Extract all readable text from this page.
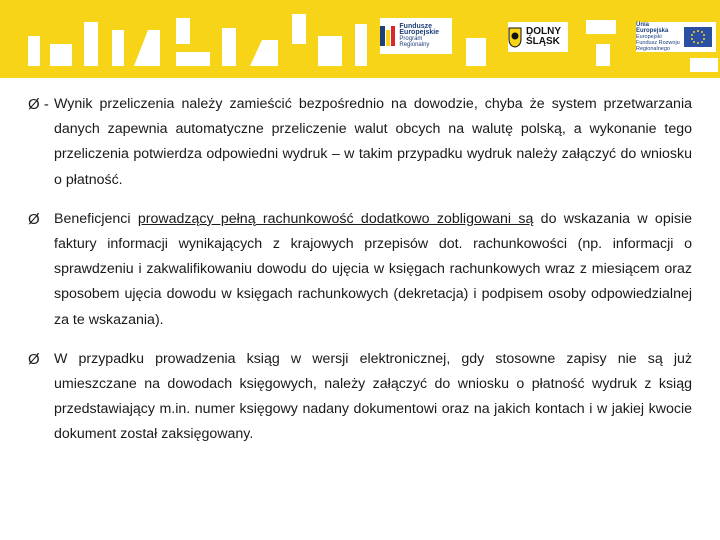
Fundusze
Europejskie
Program Regionalny
DOLNY
ŚLĄSK
Unia Europejska
Europejski Fundusz Rozwoju Regionalnego
Ø - Wynik przeliczenia należy zamieścić bezpośrednio na dowodzie, chyba że system przetwarzania danych zapewnia automatyczne przeliczenie walut obcych na walutę polską, a wykonanie tego przeliczenia potwierdza odpowiedni wydruk – w takim przypadku wydruk należy załączyć do wniosku o płatność.
Ø Beneficjenci prowadzący pełną rachunkowość dodatkowo zobligowani są do wskazania w opisie faktury informacji wynikających z krajowych przepisów dot. rachunkowości (np. informacji o sprawdzeniu i zakwalifikowaniu dowodu do ujęcia w księgach rachunkowych wraz z miesiącem oraz sposobem ujęcia dowodu w księgach rachunkowych (dekretacja) i podpisem osoby odpowiedzialnej za te wskazania).
Ø W przypadku prowadzenia ksiąg w wersji elektronicznej, gdy stosowne zapisy nie są już umieszczane na dowodach księgowych, należy załączyć do wniosku o płatność wydruk z ksiąg przedstawiający m.in. numer księgowy nadany dokumentowi oraz na jakich kontach i w jakiej kwocie dokument został zaksięgowany.
